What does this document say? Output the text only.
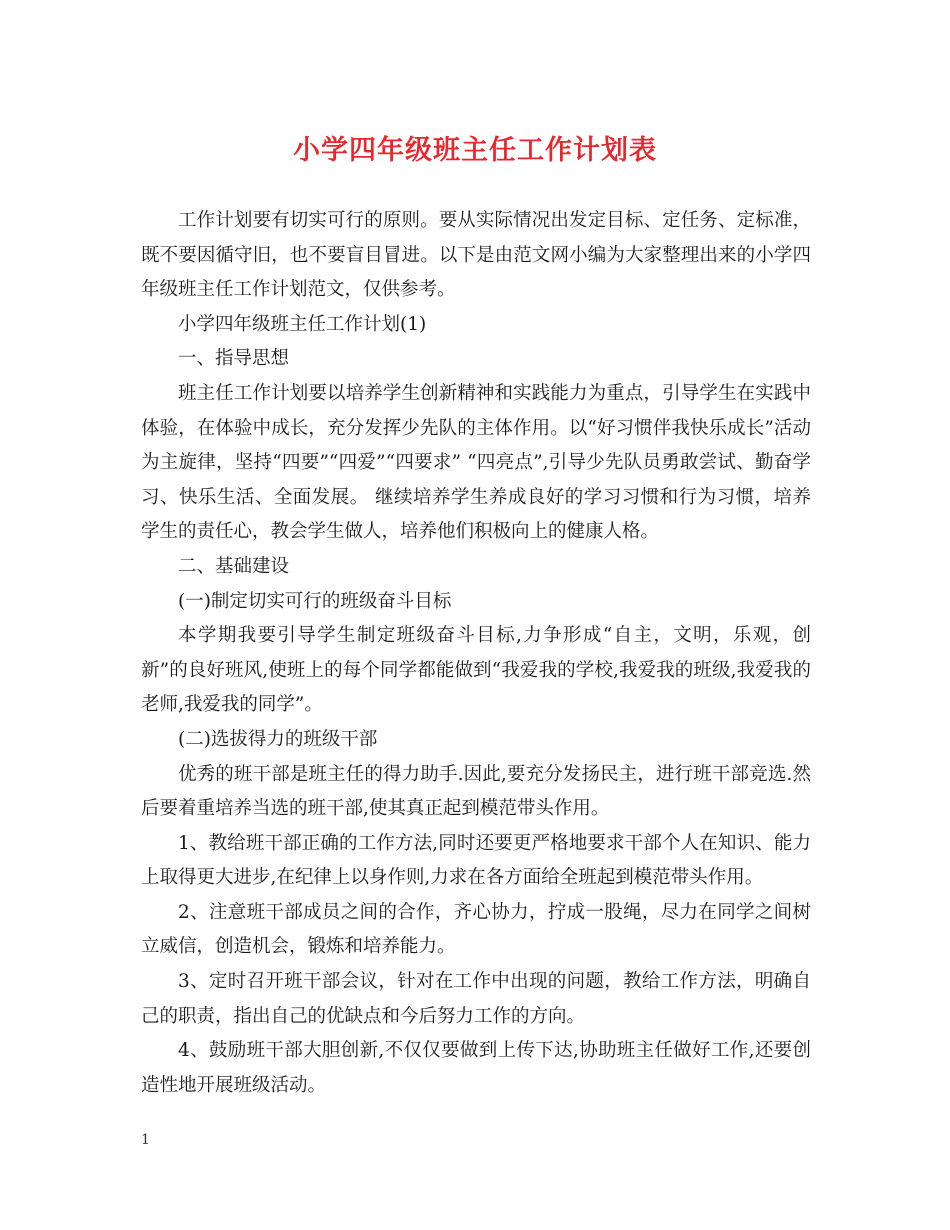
小学四年级班主任工作计划表

工作计划要有切实可行的原则。要从实际情况出发定目标、定任务、定标准，既不要因循守旧，也不要盲目冒进。以下是由范文网小编为大家整理出来的小学四年级班主任工作计划范文，仅供参考。

小学四年级班主任工作计划(1)

一、指导思想

班主任工作计划要以培养学生创新精神和实践能力为重点，引导学生在实践中体验，在体验中成长，充分发挥少先队的主体作用。以“好习惯伴我快乐成长”活动为主旋律，坚持“四要”“四爱”“四要求” “四亮点”,引导少先队员勇敢尝试、勤奋学习、快乐生活、全面发展。 继续培养学生养成良好的学习习惯和行为习惯，培养学生的责任心，教会学生做人，培养他们积极向上的健康人格。

二、基础建设

(一)制定切实可行的班级奋斗目标

本学期我要引导学生制定班级奋斗目标,力争形成“自主，文明，乐观，创新”的良好班风,使班上的每个同学都能做到“我爱我的学校,我爱我的班级,我爱我的老师,我爱我的同学”。

(二)选拔得力的班级干部

优秀的班干部是班主任的得力助手.因此,要充分发扬民主，进行班干部竞选.然后要着重培养当选的班干部,使其真正起到模范带头作用。

1、教给班干部正确的工作方法,同时还要更严格地要求干部个人在知识、能力上取得更大进步,在纪律上以身作则,力求在各方面给全班起到模范带头作用。

2、注意班干部成员之间的合作，齐心协力，拧成一股绳，尽力在同学之间树立威信，创造机会，锻炼和培养能力。

3、定时召开班干部会议，针对在工作中出现的问题，教给工作方法，明确自己的职责，指出自己的优缺点和今后努力工作的方向。

4、鼓励班干部大胆创新,不仅仅要做到上传下达,协助班主任做好工作,还要创造性地开展班级活动。

1
